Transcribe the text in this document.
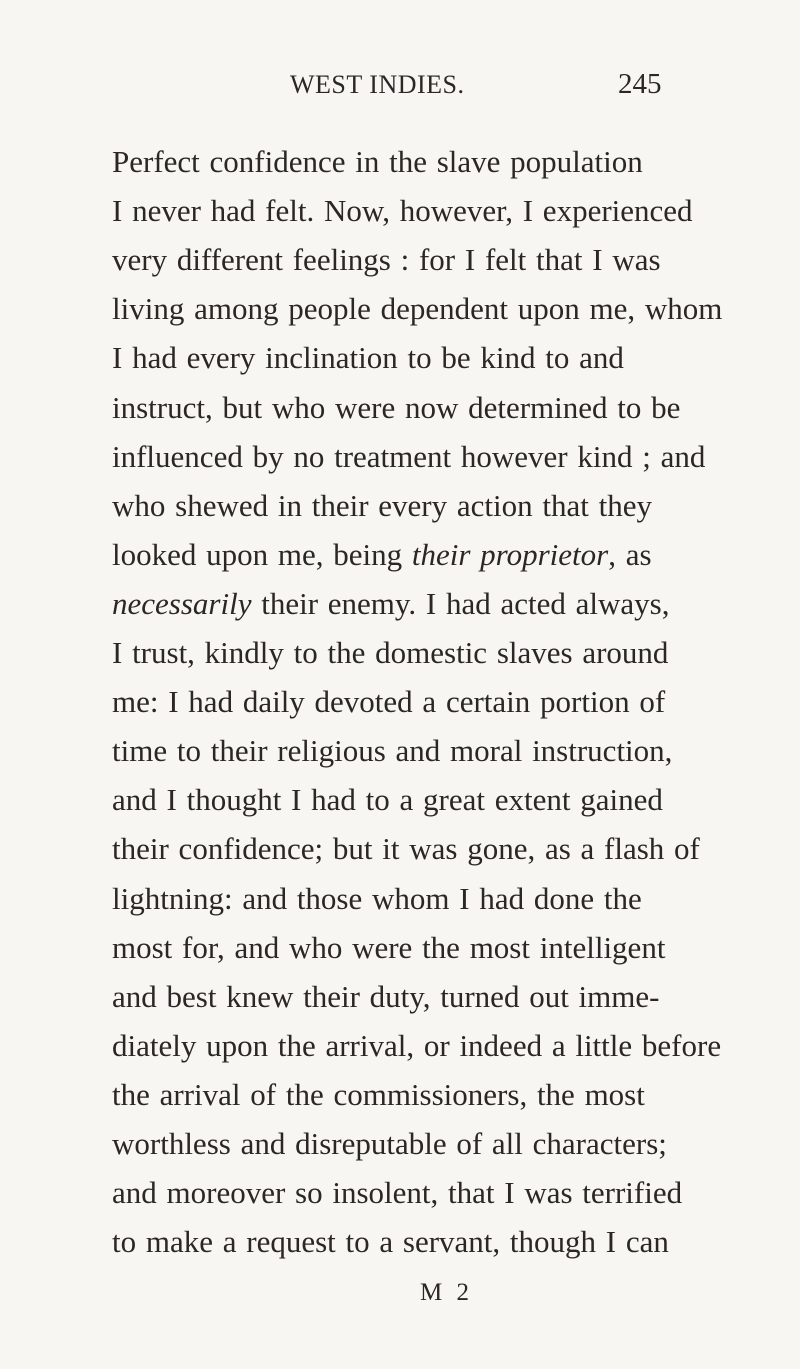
WEST INDIES.	245
Perfect confidence in the slave population
I never had felt. Now, however, I experienced
very different feelings : for I felt that I was
living among people dependent upon me, whom
I had every inclination to be kind to and
instruct, but who were now determined to be
influenced by no treatment however kind ; and
who shewed in their every action that they
looked upon me, being their proprietor, as
necessarily their enemy. I had acted always,
I trust, kindly to the domestic slaves around
me: I had daily devoted a certain portion of
time to their religious and moral instruction,
and I thought I had to a great extent gained
their confidence; but it was gone, as a flash of
lightning: and those whom I had done the
most for, and who were the most intelligent
and best knew their duty, turned out imme-
diately upon the arrival, or indeed a little before
the arrival of the commissioners, the most
worthless and disreputable of all characters;
and moreover so insolent, that I was terrified
to make a request to a servant, though I can
M 2
